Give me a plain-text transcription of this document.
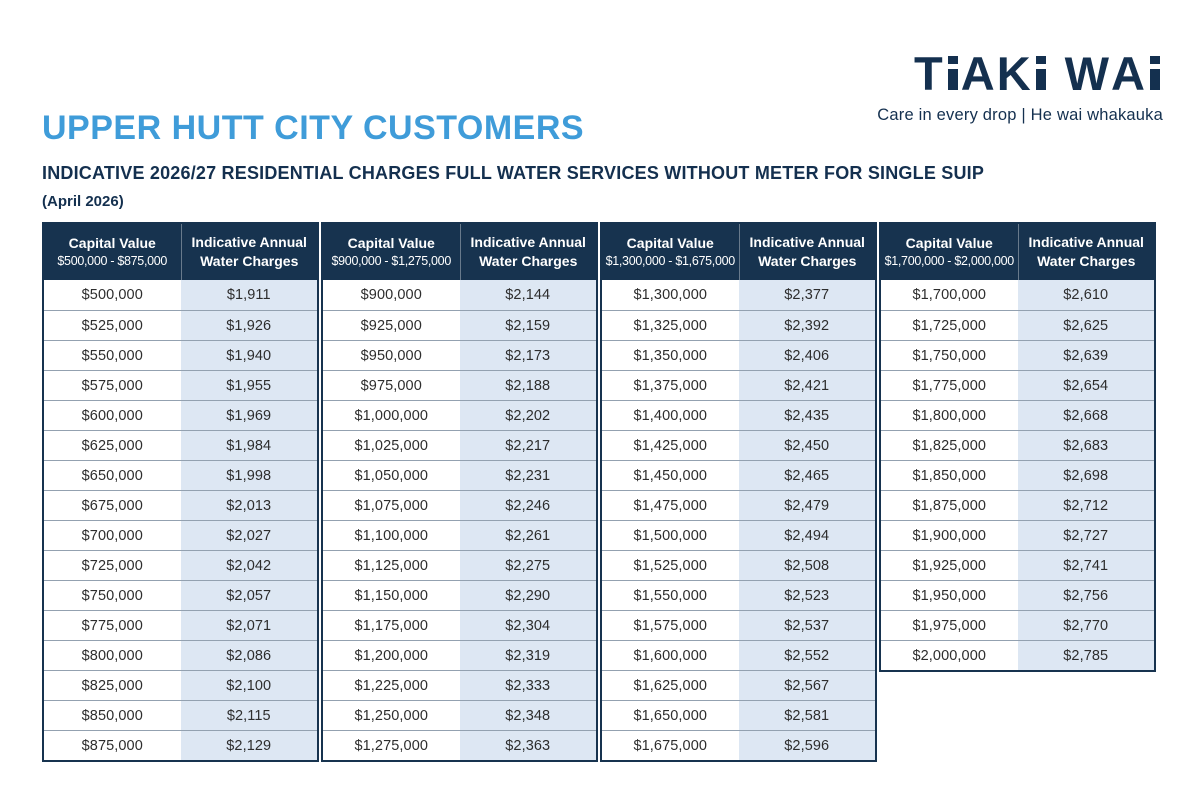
T AK WA
Care in every drop | He wai whakauka
UPPER HUTT CITY CUSTOMERS
INDICATIVE 2026/27 RESIDENTIAL CHARGES FULL WATER SERVICES WITHOUT METER FOR SINGLE SUIP
(April 2026)
Capital Value
$500,000 - $875,000
Indicative Annual
Water Charges
$500,000	$1,911
$525,000	$1,926
$550,000	$1,940
$575,000	$1,955
$600,000	$1,969
$625,000	$1,984
$650,000	$1,998
$675,000	$2,013
$700,000	$2,027
$725,000	$2,042
$750,000	$2,057
$775,000	$2,071
$800,000	$2,086
$825,000	$2,100
$850,000	$2,115
$875,000	$2,129
Capital Value
$900,000 - $1,275,000
Indicative Annual
Water Charges
$900,000	$2,144
$925,000	$2,159
$950,000	$2,173
$975,000	$2,188
$1,000,000	$2,202
$1,025,000	$2,217
$1,050,000	$2,231
$1,075,000	$2,246
$1,100,000	$2,261
$1,125,000	$2,275
$1,150,000	$2,290
$1,175,000	$2,304
$1,200,000	$2,319
$1,225,000	$2,333
$1,250,000	$2,348
$1,275,000	$2,363
Capital Value
$1,300,000 - $1,675,000
Indicative Annual
Water Charges
$1,300,000	$2,377
$1,325,000	$2,392
$1,350,000	$2,406
$1,375,000	$2,421
$1,400,000	$2,435
$1,425,000	$2,450
$1,450,000	$2,465
$1,475,000	$2,479
$1,500,000	$2,494
$1,525,000	$2,508
$1,550,000	$2,523
$1,575,000	$2,537
$1,600,000	$2,552
$1,625,000	$2,567
$1,650,000	$2,581
$1,675,000	$2,596
Capital Value
$1,700,000 - $2,000,000
Indicative Annual
Water Charges
$1,700,000	$2,610
$1,725,000	$2,625
$1,750,000	$2,639
$1,775,000	$2,654
$1,800,000	$2,668
$1,825,000	$2,683
$1,850,000	$2,698
$1,875,000	$2,712
$1,900,000	$2,727
$1,925,000	$2,741
$1,950,000	$2,756
$1,975,000	$2,770
$2,000,000	$2,785
